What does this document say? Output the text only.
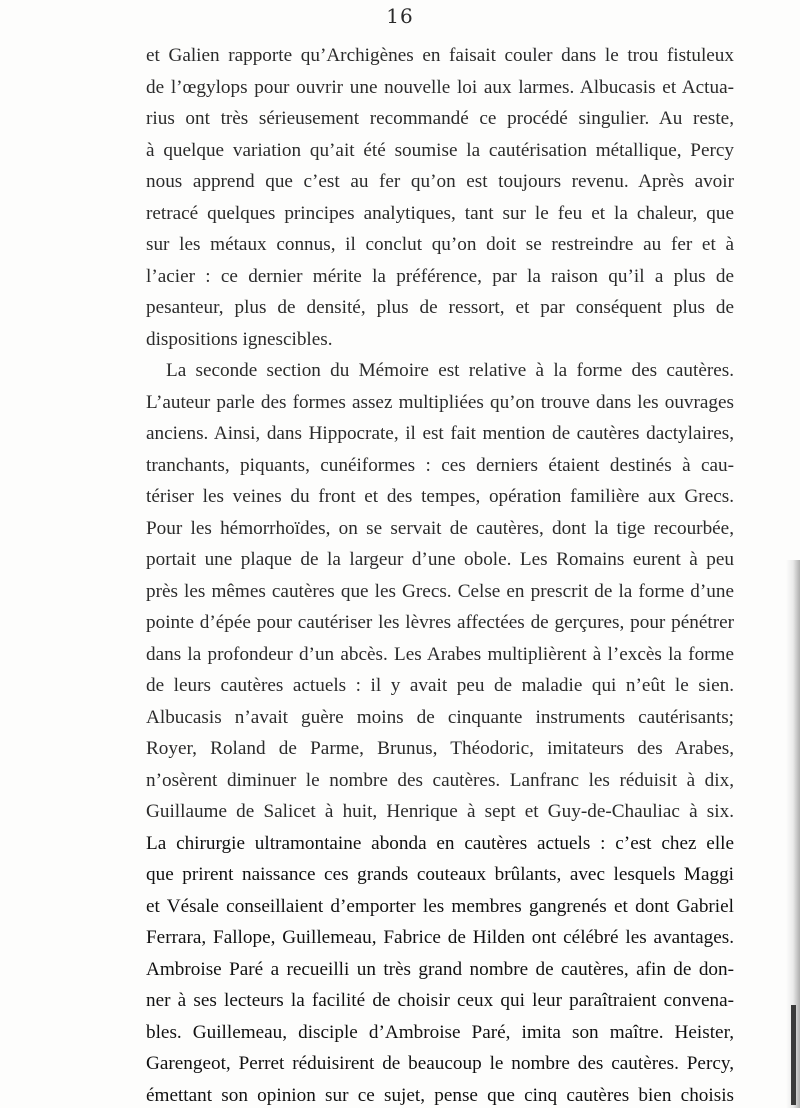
16
et Galien rapporte qu’Archigènes en faisait couler dans le trou fistuleux
de l’œgylops pour ouvrir une nouvelle loi aux larmes. Albucasis et Actua-
rius ont très sérieusement recommandé ce procédé singulier. Au reste,
à quelque variation qu’ait été soumise la cautérisation métallique, Percy
nous apprend que c’est au fer qu’on est toujours revenu. Après avoir
retracé quelques principes analytiques, tant sur le feu et la chaleur, que
sur les métaux connus, il conclut qu’on doit se restreindre au fer et à
l’acier : ce dernier mérite la préférence, par la raison qu’il a plus de
pesanteur, plus de densité, plus de ressort, et par conséquent plus de
dispositions ignescibles.
La seconde section du Mémoire est relative à la forme des cautères.
L’auteur parle des formes assez multipliées qu’on trouve dans les ouvrages
anciens. Ainsi, dans Hippocrate, il est fait mention de cautères dactylaires,
tranchants, piquants, cunéiformes : ces derniers étaient destinés à cau-
tériser les veines du front et des tempes, opération familière aux Grecs.
Pour les hémorrhoïdes, on se servait de cautères, dont la tige recourbée,
portait une plaque de la largeur d’une obole. Les Romains eurent à peu
près les mêmes cautères que les Grecs. Celse en prescrit de la forme d’une
pointe d’épée pour cautériser les lèvres affectées de gerçures, pour pénétrer
dans la profondeur d’un abcès. Les Arabes multiplièrent à l’excès la forme
de leurs cautères actuels : il y avait peu de maladie qui n’eût le sien.
Albucasis n’avait guère moins de cinquante instruments cautérisants;
Royer, Roland de Parme, Brunus, Théodoric, imitateurs des Arabes,
n’osèrent diminuer le nombre des cautères. Lanfranc les réduisit à dix,
Guillaume de Salicet à huit, Henrique à sept et Guy-de-Chauliac à six.
La chirurgie ultramontaine abonda en cautères actuels : c’est chez elle
que prirent naissance ces grands couteaux brûlants, avec lesquels Maggi
et Vésale conseillaient d’emporter les membres gangrenés et dont Gabriel
Ferrara, Fallope, Guillemeau, Fabrice de Hilden ont célébré les avantages.
Ambroise Paré a recueilli un très grand nombre de cautères, afin de don-
ner à ses lecteurs la facilité de choisir ceux qui leur paraîtraient convena-
bles. Guillemeau, disciple d’Ambroise Paré, imita son maître. Heister,
Garengeot, Perret réduisirent de beaucoup le nombre des cautères. Percy,
émettant son opinion sur ce sujet, pense que cinq cautères bien choisis
